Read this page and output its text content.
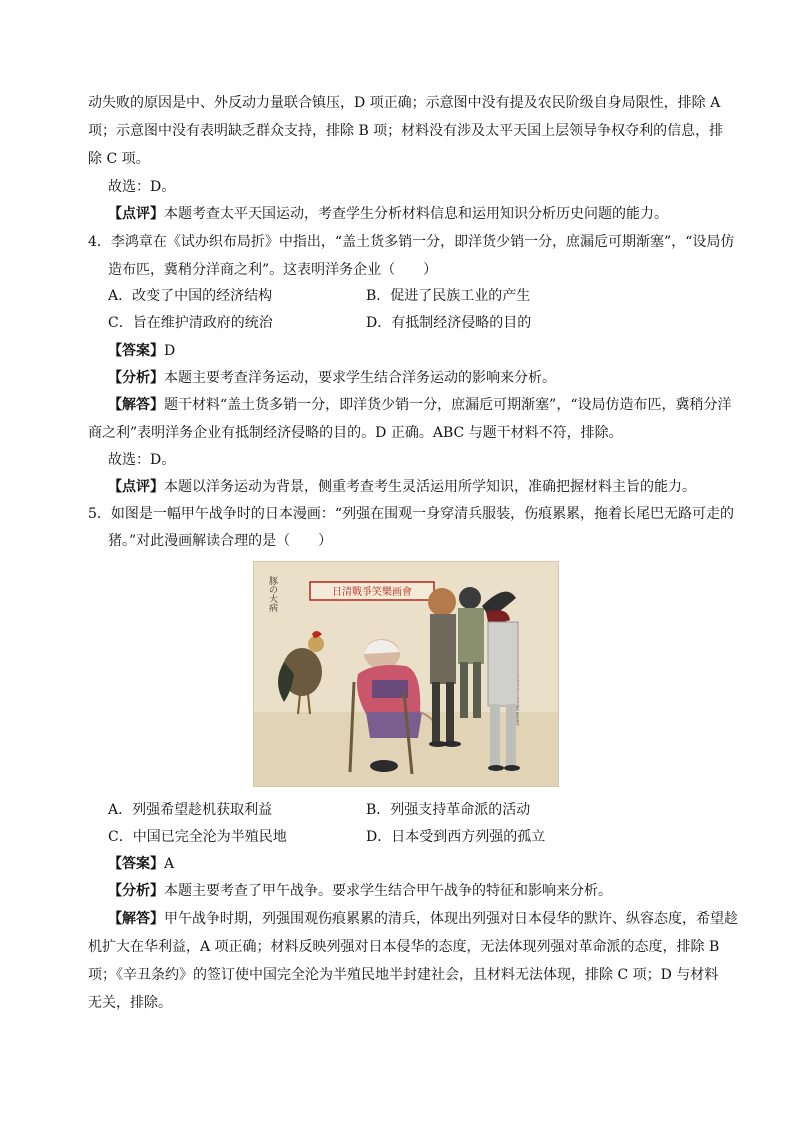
动失败的原因是中、外反动力量联合镇压，D 项正确；示意图中没有提及农民阶级自身局限性，排除 A
项；示意图中没有表明缺乏群众支持，排除 B 项；材料没有涉及太平天国上层领导争权夺利的信息，排
除 C 项。
故选：D。
【点评】本题考查太平天国运动，考查学生分析材料信息和运用知识分析历史问题的能力。
4．李鸿章在《试办织布局折》中指出，“盖土货多销一分，即洋货少销一分，庶漏卮可期渐塞”，“设局仿
造布匹，冀稍分洋商之利”。这表明洋务企业（　　）
A．改变了中国的经济结构	B．促进了民族工业的产生
C．旨在维护清政府的统治	D．有抵制经济侵略的目的
【答案】D
【分析】本题主要考查洋务运动，要求学生结合洋务运动的影响来分析。
【解答】题干材料“盖土货多销一分，即洋货少销一分，庶漏卮可期渐塞”，“设局仿造布匹，冀稍分洋
商之利”表明洋务企业有抵制经济侵略的目的。D 正确。ABC 与题干材料不符，排除。
故选：D。
【点评】本题以洋务运动为背景，侧重考查考生灵活运用所学知识，准确把握材料主旨的能力。
5．如图是一幅甲午战争时的日本漫画：“列强在围观一身穿清兵服装，伤痕累累，拖着长尾巴无路可走的
猪。”对此漫画解读合理的是（　　）
日清戰爭笑樂画會
豚の大病
A．列强希望趁机获取利益	B．列强支持革命派的活动
C．中国已完全沦为半殖民地	D．日本受到西方列强的孤立
【答案】A
【分析】本题主要考查了甲午战争。要求学生结合甲午战争的特征和影响来分析。
【解答】甲午战争时期，列强围观伤痕累累的清兵，体现出列强对日本侵华的默许、纵容态度，希望趁
机扩大在华利益，A 项正确；材料反映列强对日本侵华的态度，无法体现列强对革命派的态度，排除 B
项；《辛丑条约》的签订使中国完全沦为半殖民地半封建社会，且材料无法体现，排除 C 项；D 与材料
无关，排除。
